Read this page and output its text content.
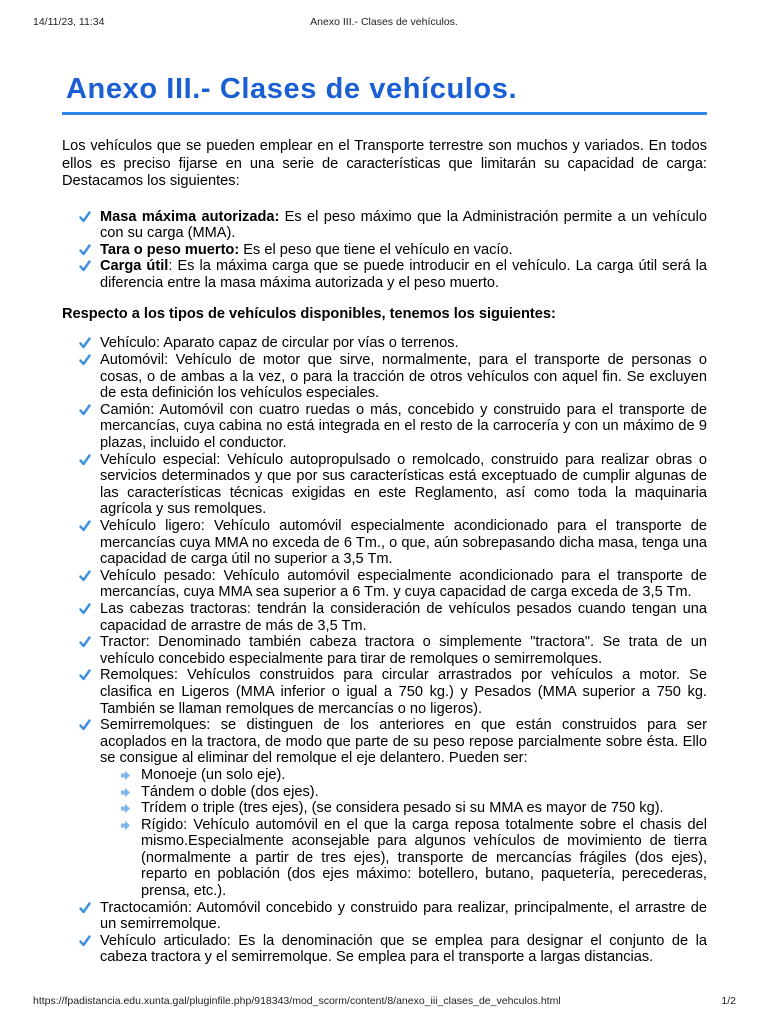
14/11/23, 11:34	Anexo III.- Clases de vehículos.
Anexo III.- Clases de vehículos.

Los vehículos que se pueden emplear en el Transporte terrestre son muchos y variados. En todos ellos es preciso fijarse en una serie de características que limitarán su capacidad de carga: Destacamos los siguientes:

Masa máxima autorizada: Es el peso máximo que la Administración permite a un vehículo con su carga (MMA).
Tara o peso muerto: Es el peso que tiene el vehículo en vacío.
Carga útil: Es la máxima carga que se puede introducir en el vehículo. La carga útil será la diferencia entre la masa máxima autorizada y el peso muerto.

Respecto a los tipos de vehículos disponibles, tenemos los siguientes:

Vehículo: Aparato capaz de circular por vías o terrenos.
Automóvil: Vehículo de motor que sirve, normalmente, para el transporte de personas o cosas, o de ambas a la vez, o para la tracción de otros vehículos con aquel fin. Se excluyen de esta definición los vehículos especiales.
Camión: Automóvil con cuatro ruedas o más, concebido y construido para el transporte de mercancías, cuya cabina no está integrada en el resto de la carrocería y con un máximo de 9 plazas, incluido el conductor.
Vehículo especial: Vehículo autopropulsado o remolcado, construido para realizar obras o servicios determinados y que por sus características está exceptuado de cumplir algunas de las características técnicas exigidas en este Reglamento, así como toda la maquinaria agrícola y sus remolques.
Vehículo ligero: Vehículo automóvil especialmente acondicionado para el transporte de mercancías cuya MMA no exceda de 6 Tm., o que, aún sobrepasando dicha masa, tenga una capacidad de carga útil no superior a 3,5 Tm.
Vehículo pesado: Vehículo automóvil especialmente acondicionado para el transporte de mercancías, cuya MMA sea superior a 6 Tm. y cuya capacidad de carga exceda de 3,5 Tm.
Las cabezas tractoras: tendrán la consideración de vehículos pesados cuando tengan una capacidad de arrastre de más de 3,5 Tm.
Tractor: Denominado también cabeza tractora o simplemente "tractora". Se trata de un vehículo concebido especialmente para tirar de remolques o semirremolques.
Remolques: Vehículos construidos para circular arrastrados por vehículos a motor. Se clasifica en Ligeros (MMA inferior o igual a 750 kg.) y Pesados (MMA superior a 750 kg. También se llaman remolques de mercancías o no ligeros).
Semirremolques: se distinguen de los anteriores en que están construidos para ser acoplados en la tractora, de modo que parte de su peso repose parcialmente sobre ésta. Ello se consigue al eliminar del remolque el eje delantero. Pueden ser:
Monoeje (un solo eje).
Tándem o doble (dos ejes).
Trídem o triple (tres ejes), (se considera pesado si su MMA es mayor de 750 kg).
Rígido: Vehículo automóvil en el que la carga reposa totalmente sobre el chasis del mismo.Especialmente aconsejable para algunos vehículos de movimiento de tierra (normalmente a partir de tres ejes), transporte de mercancías frágiles (dos ejes), reparto en población (dos ejes máximo: botellero, butano, paquetería, perecederas, prensa, etc.).
Tractocamión: Automóvil concebido y construido para realizar, principalmente, el arrastre de un semirremolque.
Vehículo articulado: Es la denominación que se emplea para designar el conjunto de la cabeza tractora y el semirremolque. Se emplea para el transporte a largas distancias.
https://fpadistancia.edu.xunta.gal/pluginfile.php/918343/mod_scorm/content/8/anexo_iii_clases_de_vehculos.html	1/2
